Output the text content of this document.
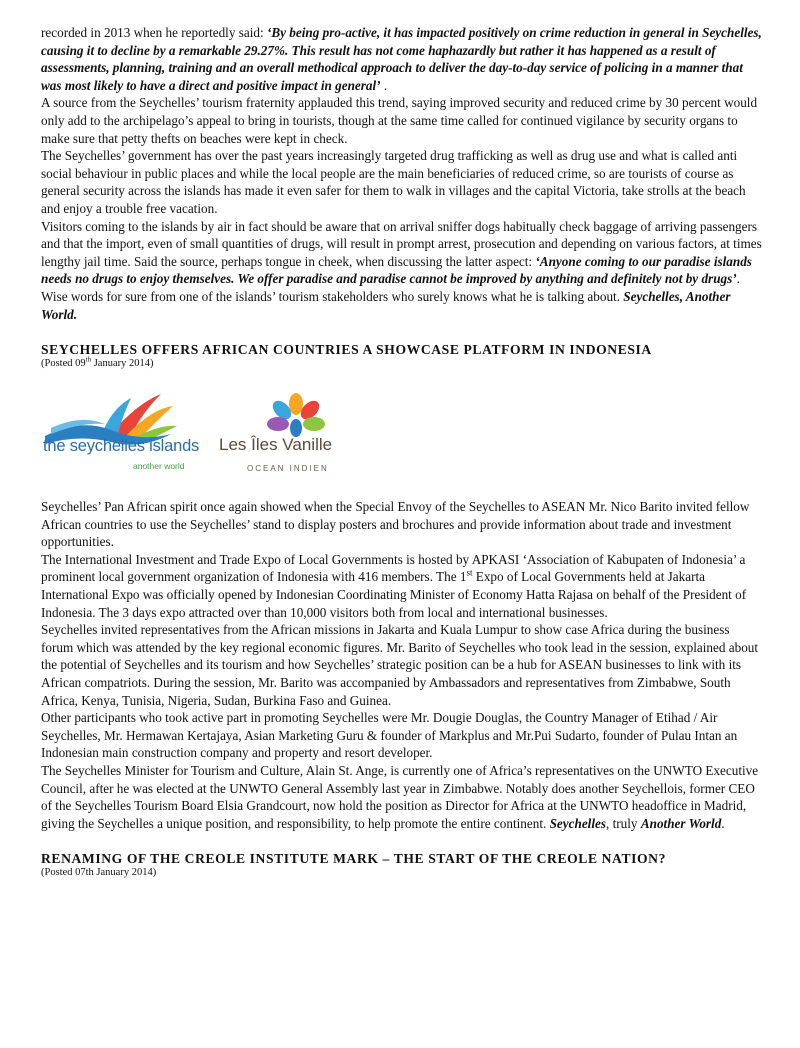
recorded in 2013 when he reportedly said: ‘By being pro-active, it has impacted positively on crime reduction in general in Seychelles, causing it to decline by a remarkable 29.27%. This result has not come haphazardly but rather it has happened as a result of assessments, planning, training and an overall methodical approach to deliver the day-to-day service of policing in a manner that was most likely to have a direct and positive impact in general’ .

A source from the Seychelles’ tourism fraternity applauded this trend, saying improved security and reduced crime by 30 percent would only add to the archipelago’s appeal to bring in tourists, though at the same time called for continued vigilance by security organs to make sure that petty thefts on beaches were kept in check.

The Seychelles’ government has over the past years increasingly targeted drug trafficking as well as drug use and what is called anti social behaviour in public places and while the local people are the main beneficiaries of reduced crime, so are tourists of course as general security across the islands has made it even safer for them to walk in villages and the capital Victoria, take strolls at the beach and enjoy a trouble free vacation.

Visitors coming to the islands by air in fact should be aware that on arrival sniffer dogs habitually check baggage of arriving passengers and that the import, even of small quantities of drugs, will result in prompt arrest, prosecution and depending on various factors, at times lengthy jail time. Said the source, perhaps tongue in cheek, when discussing the latter aspect: ‘Anyone coming to our paradise islands needs no drugs to enjoy themselves. We offer paradise and paradise cannot be improved by anything and definitely not by drugs’. Wise words for sure from one of the islands’ tourism stakeholders who surely knows what he is talking about. Seychelles, Another World.

SEYCHELLES OFFERS AFRICAN COUNTRIES A SHOWCASE PLATFORM IN INDONESIA
(Posted 09th January 2014)
the seychelles islands
another world
Les Îles Vanille
OCEAN INDIEN

Seychelles’ Pan African spirit once again showed when the Special Envoy of the Seychelles to ASEAN Mr. Nico Barito invited fellow African countries to use the Seychelles’ stand to display posters and brochures and provide information about trade and investment opportunities.

The International Investment and Trade Expo of Local Governments is hosted by APKASI ‘Association of Kabupaten of Indonesia’ a prominent local government organization of Indonesia with 416 members. The 1st Expo of Local Governments held at Jakarta International Expo was officially opened by Indonesian Coordinating Minister of Economy Hatta Rajasa on behalf of the President of Indonesia. The 3 days expo attracted over than 10,000 visitors both from local and international businesses.

Seychelles invited representatives from the African missions in Jakarta and Kuala Lumpur to show case Africa during the business forum which was attended by the key regional economic figures. Mr. Barito of Seychelles who took lead in the session, explained about the potential of Seychelles and its tourism and how Seychelles’ strategic position can be a hub for ASEAN businesses to link with its African compatriots. During the session, Mr. Barito was accompanied by Ambassadors and representatives from Zimbabwe, South Africa, Kenya, Tunisia, Nigeria, Sudan, Burkina Faso and Guinea.

Other participants who took active part in promoting Seychelles were Mr. Dougie Douglas, the Country Manager of Etihad / Air Seychelles, Mr. Hermawan Kertajaya, Asian Marketing Guru & founder of Markplus and Mr.Pui Sudarto, founder of Pulau Intan an Indonesian main construction company and property and resort developer.

The Seychelles Minister for Tourism and Culture, Alain St. Ange, is currently one of Africa’s representatives on the UNWTO Executive Council, after he was elected at the UNWTO General Assembly last year in Zimbabwe. Notably does another Seychellois, former CEO of the Seychelles Tourism Board Elsia Grandcourt, now hold the position as Director for Africa at the UNWTO headoffice in Madrid, giving the Seychelles a unique position, and responsibility, to help promote the entire continent. Seychelles, truly Another World.

RENAMING OF THE CREOLE INSTITUTE MARK – THE START OF THE CREOLE NATION?
(Posted 07th January 2014)
